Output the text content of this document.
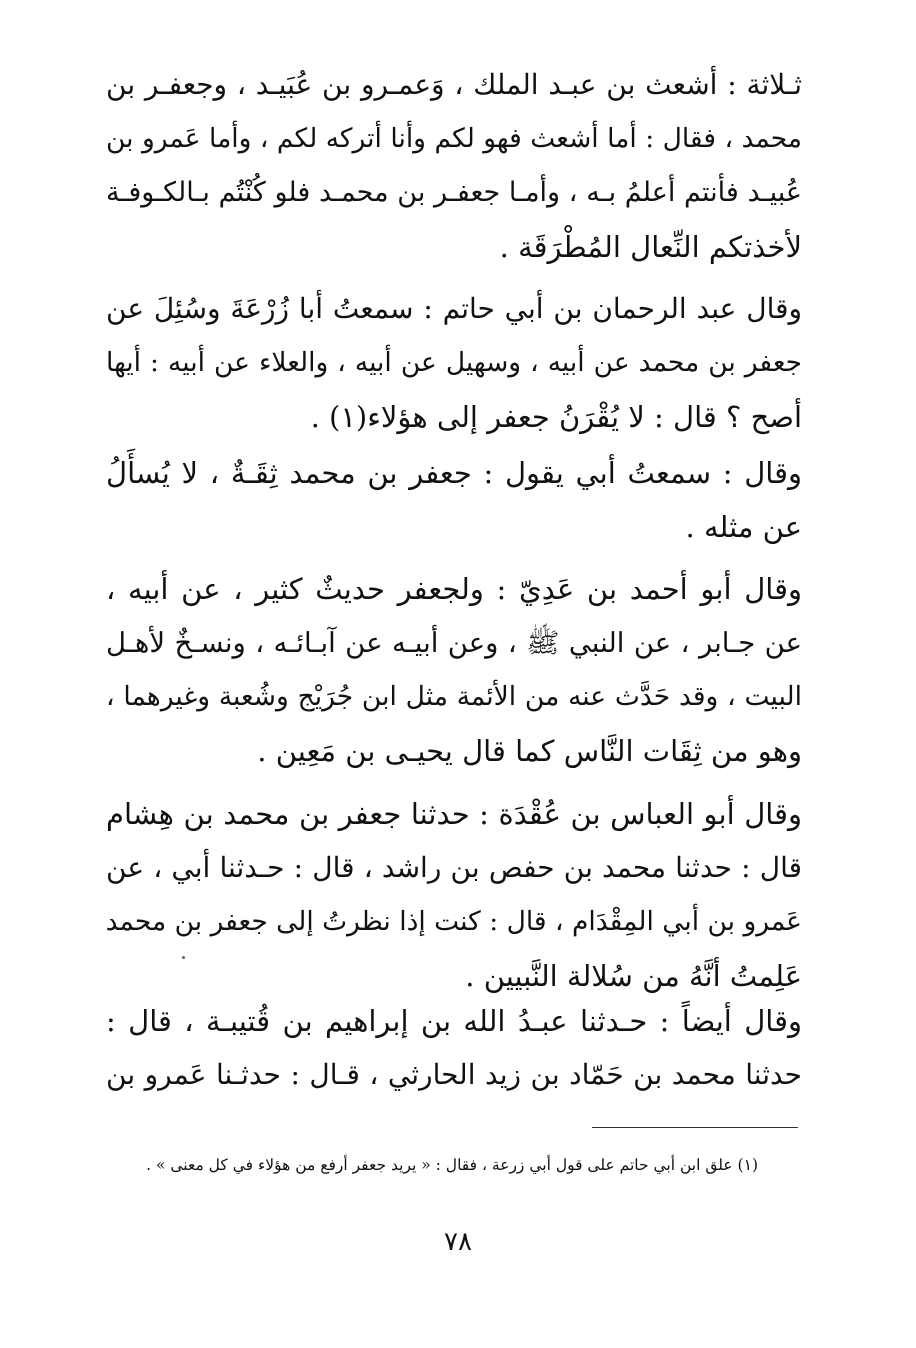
ثـلاثة : أشعث بن عبـد الملك ، وَعمـرو بن عُبَيـد ، وجعفـر بن
محمد ، فقال : أما أشعث فهو لكم وأنا أتركه لكم ، وأما عَمرو بن
عُبيـد فأنتم أعلمُ بـه ، وأمـا جعفـر بن محمـد فلو كُنْتُم بـالكـوفـة
لأخذتكم النِّعال المُطْرَقَة .
وقال عبد الرحمان بن أبي حاتم : سمعتُ أبا زُرْعَةَ وسُئِلَ عن
جعفر بن محمد عن أبيه ، وسهيل عن أبيه ، والعلاء عن أبيه : أيها
أصح ؟ قال : لا يُقْرَنُ جعفر إلى هؤلاء(١) .
وقال : سمعتُ أبي يقول : جعفر بن محمد ثِقَـةٌ ، لا يُسأَلُ
عن مثله .
وقال أبو أحمد بن عَدِيّ : ولجعفر حديثٌ كثير ، عن أبيه ،
عن جـابر ، عن النبي ﷺ ، وعن أبيـه عن آبـائـه ، ونسـخٌ لأهـل
البيت ، وقد حَدَّث عنه من الأئمة مثل ابن جُرَيْج وشُعبة وغيرهما ،
وهو من ثِقَات النَّاس كما قال يحيـى بن مَعِين .
وقال أبو العباس بن عُقْدَة : حدثنا جعفر بن محمد بن هِشام
قال : حدثنا محمد بن حفص بن راشد ، قال : حـدثنا أبي ، عن
عَمرو بن أبي المِقْدَام ، قال : كنت إذا نظرتُ إلى جعفر بن محمد
عَلِمتُ أنَّهُ من سُلالة النَّبيين .
وقال أيضاً : حـدثنا عبـدُ الله بن إبراهيم بن قُتيبـة ، قال :
حدثنا محمد بن حَمّاد بن زيد الحارثي ، قـال : حدثـنا عَمرو بن
(١) علق ابن أبي حاتم على قول أبي زرعة ، فقال : « يريد جعفر أرفع من هؤلاء في كل معنى » .
٧٨
